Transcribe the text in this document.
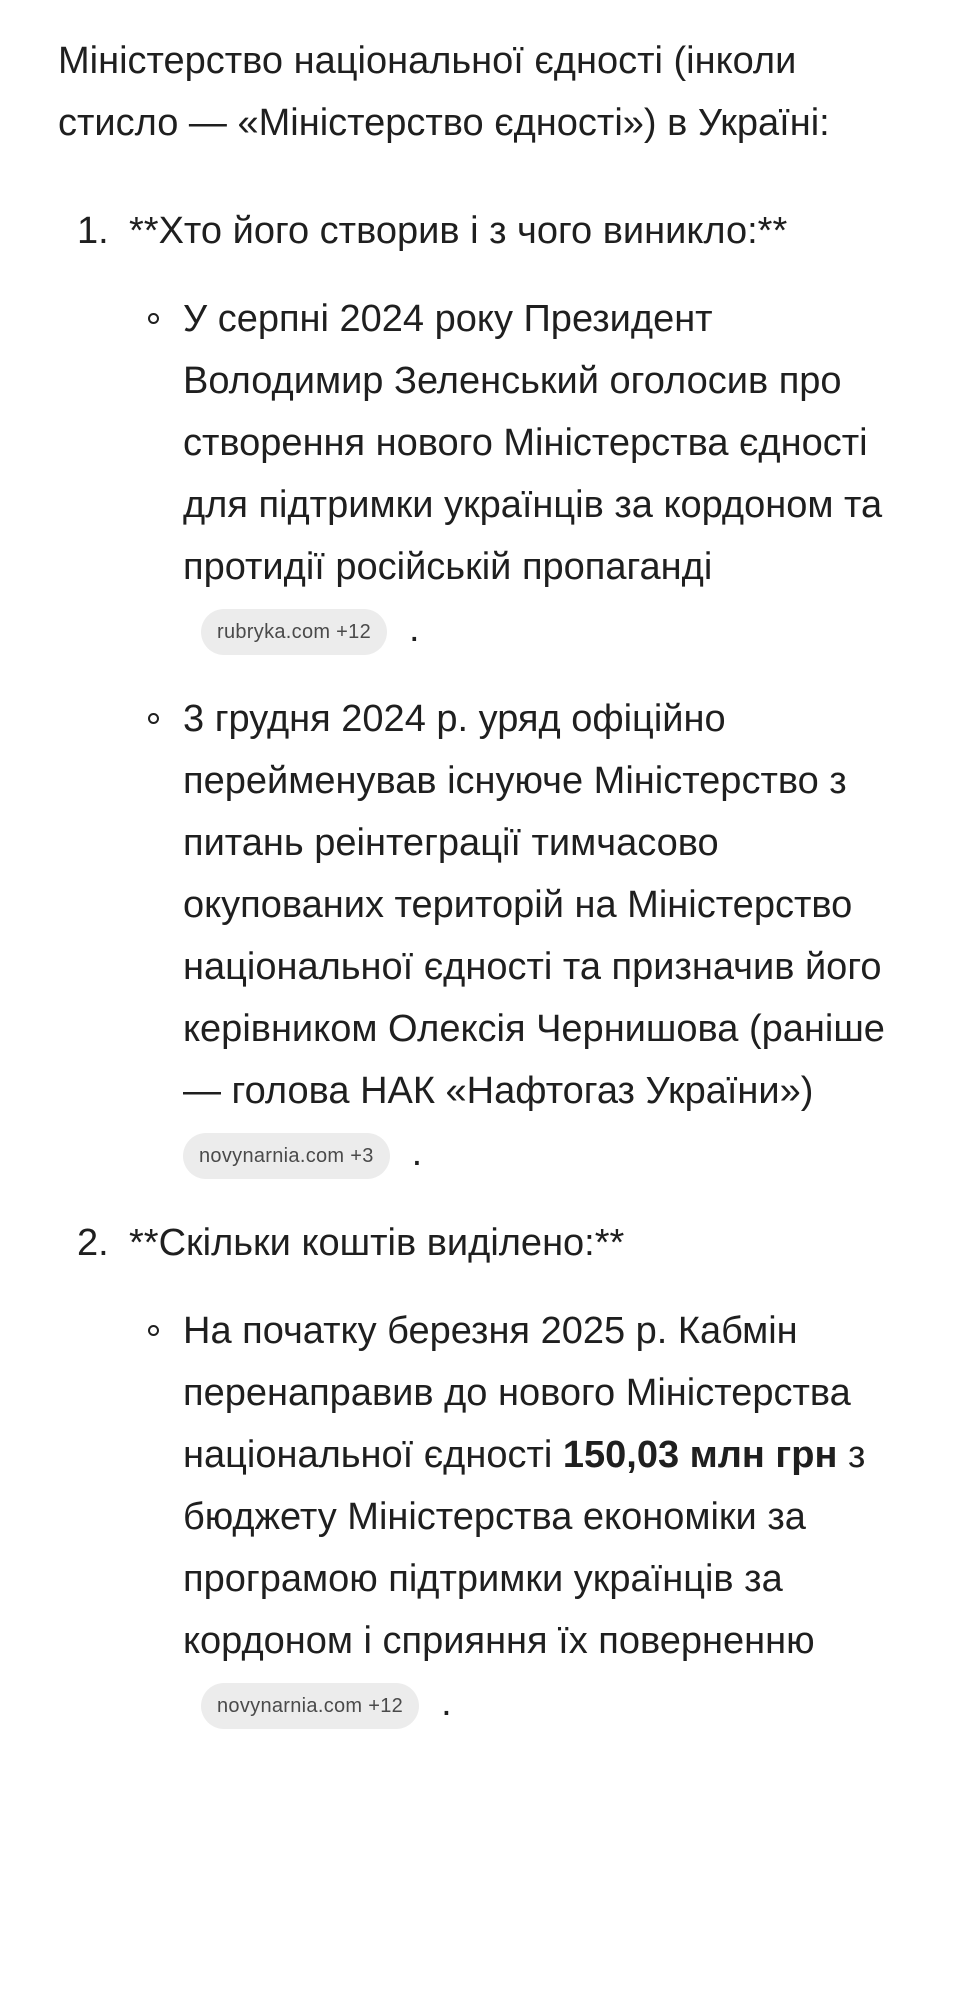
Міністерство національної єдності (інколи стисло — «Міністерство єдності») в Україні:

1. **Хто його створив і з чого виникло:**

У серпні 2024 року Президент Володимир Зеленський оголосив про створення нового Міністерства єдності для підтримки українців за кордоном та протидії російській пропаганді rubryka.com +12 .
3 грудня 2024 р. уряд офіційно перейменував існуюче Міністерство з питань реінтеграції тимчасово окупованих територій на Міністерство національної єдності та призначив його керівником Олексія Чернишова (раніше — голова НАК «Нафтогаз України»)
novynarnia.com +3 .

2. **Скільки коштів виділено:**

На початку березня 2025 р. Кабмін перенаправив до нового Міністерства національної єдності 150,03 млн грн з бюджету Міністерства економіки за програмою підтримки українців за кордоном і сприяння їх поверненню novynarnia.com +12 .
